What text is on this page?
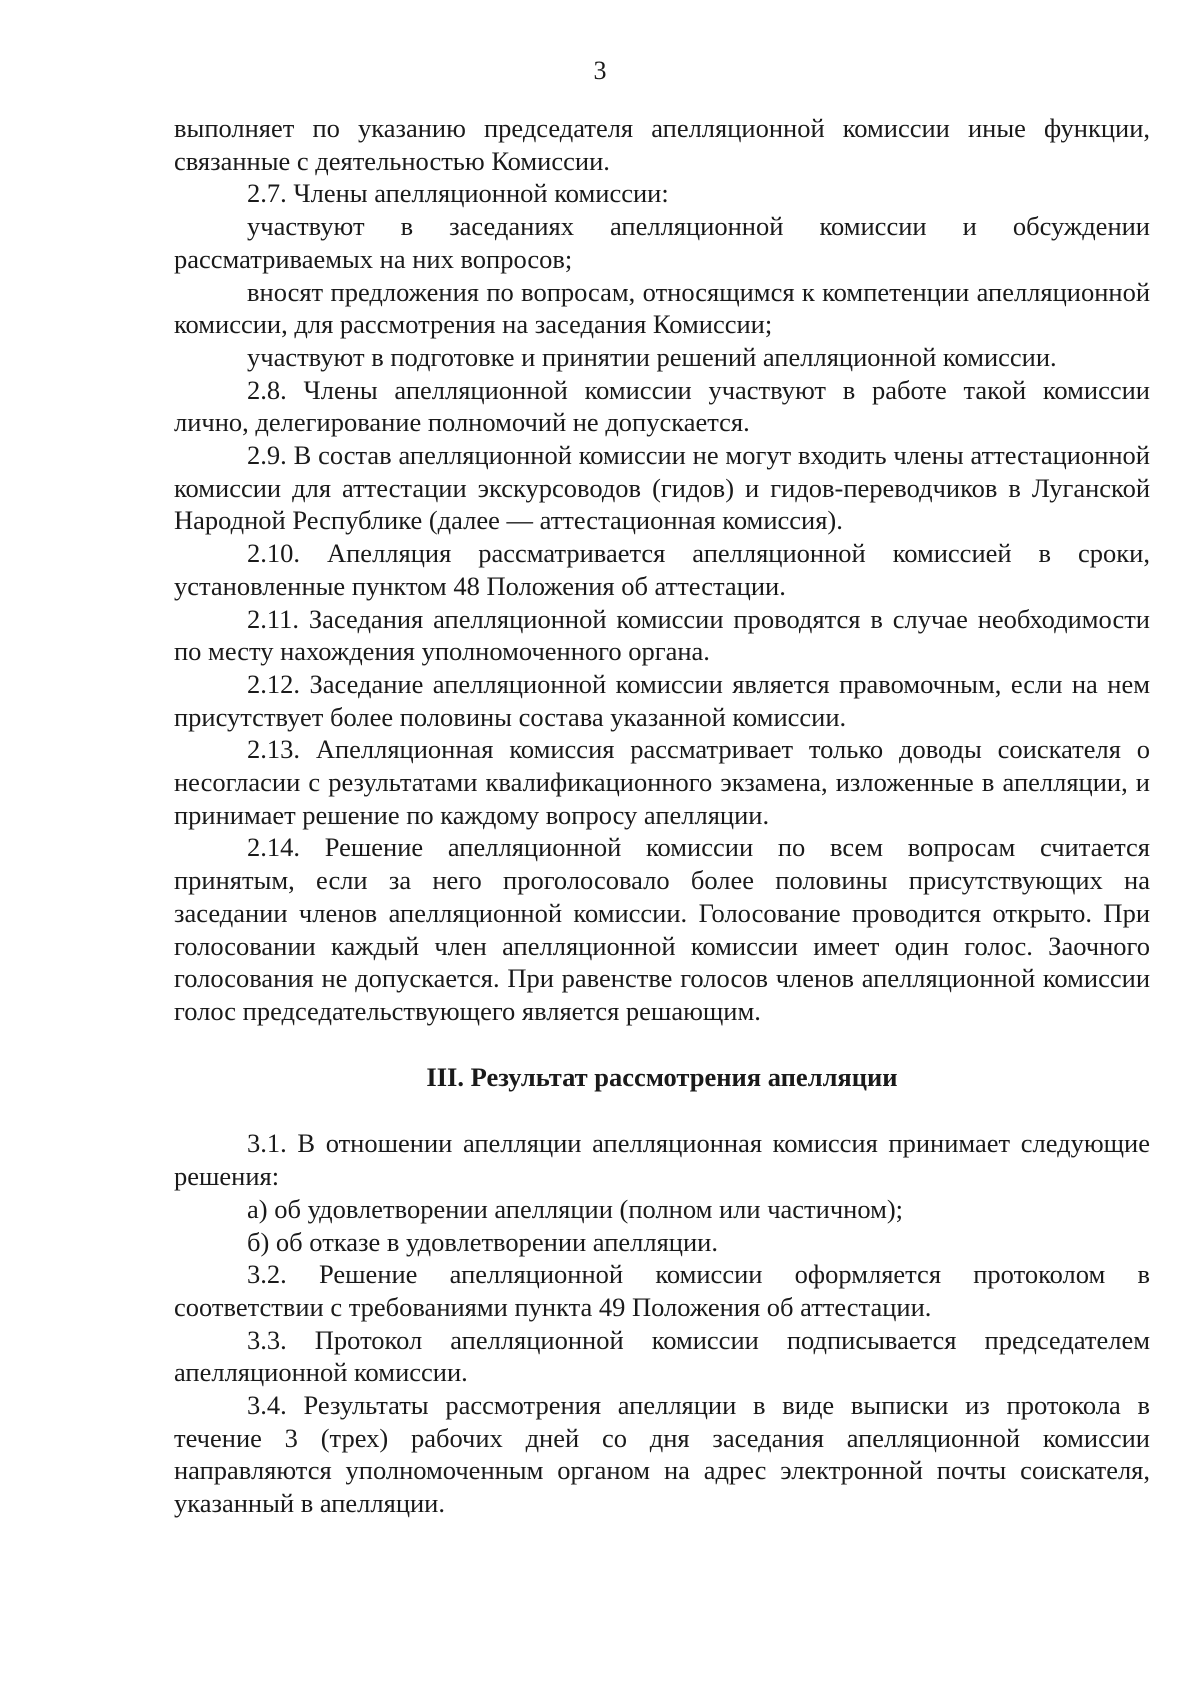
3

выполняет по указанию председателя апелляционной комиссии иные функции, связанные с деятельностью Комиссии.

2.7. Члены апелляционной комиссии:

участвуют в заседаниях апелляционной комиссии и обсуждении рассматриваемых на них вопросов;

вносят предложения по вопросам, относящимся к компетенции апелляционной комиссии, для рассмотрения на заседания Комиссии;

участвуют в подготовке и принятии решений апелляционной комиссии.

2.8. Члены апелляционной комиссии участвуют в работе такой комиссии лично, делегирование полномочий не допускается.

2.9. В состав апелляционной комиссии не могут входить члены аттестационной комиссии для аттестации экскурсоводов (гидов) и гидов-переводчиков в Луганской Народной Республике (далее — аттестационная комиссия).

2.10. Апелляция рассматривается апелляционной комиссией в сроки, установленные пунктом 48 Положения об аттестации.

2.11. Заседания апелляционной комиссии проводятся в случае необходимости по месту нахождения уполномоченного органа.

2.12. Заседание апелляционной комиссии является правомочным, если на нем присутствует более половины состава указанной комиссии.

2.13. Апелляционная комиссия рассматривает только доводы соискателя о несогласии с результатами квалификационного экзамена, изложенные в апелляции, и принимает решение по каждому вопросу апелляции.

2.14. Решение апелляционной комиссии по всем вопросам считается принятым, если за него проголосовало более половины присутствующих на заседании членов апелляционной комиссии. Голосование проводится открыто. При голосовании каждый член апелляционной комиссии имеет один голос. Заочного голосования не допускается. При равенстве голосов членов апелляционной комиссии голос председательствующего является решающим.

III. Результат рассмотрения апелляции

3.1. В отношении апелляции апелляционная комиссия принимает следующие решения:

а) об удовлетворении апелляции (полном или частичном);

б) об отказе в удовлетворении апелляции.

3.2. Решение апелляционной комиссии оформляется протоколом в соответствии с требованиями пункта 49 Положения об аттестации.

3.3. Протокол апелляционной комиссии подписывается председателем апелляционной комиссии.

3.4. Результаты рассмотрения апелляции в виде выписки из протокола в течение 3 (трех) рабочих дней со дня заседания апелляционной комиссии направляются уполномоченным органом на адрес электронной почты соискателя, указанный в апелляции.
